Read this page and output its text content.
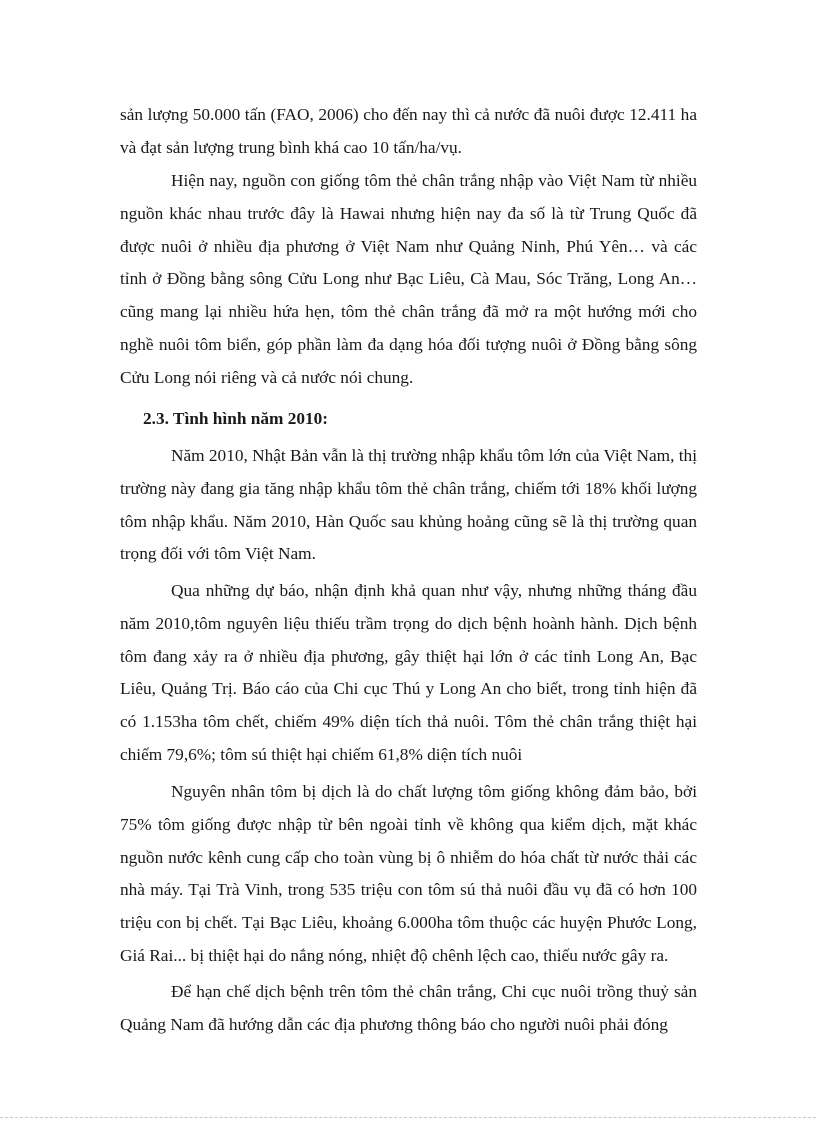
sản lượng 50.000 tấn (FAO, 2006) cho đến nay thì cả nước đã nuôi được 12.411 ha và đạt sản lượng trung bình khá cao 10 tấn/ha/vụ.

Hiện nay, nguồn con giống tôm thẻ chân trắng nhập vào Việt Nam từ nhiều nguồn khác nhau trước đây là Hawai nhưng hiện nay đa số là từ Trung Quốc đã được nuôi ở nhiều địa phương ở Việt Nam như Quảng Ninh, Phú Yên… và các tỉnh ở Đồng bằng sông Cửu Long như Bạc Liêu, Cà Mau, Sóc Trăng, Long An… cũng mang lại nhiều hứa hẹn, tôm thẻ chân trắng đã mở ra một hướng mới cho nghề nuôi tôm biển, góp phần làm đa dạng hóa đối tượng nuôi ở Đồng bằng sông Cửu Long nói riêng và cả nước nói chung.

2.3. Tình hình năm 2010:

Năm 2010, Nhật Bản vẫn là thị trường nhập khẩu tôm lớn của Việt Nam, thị trường này đang gia tăng nhập khẩu tôm thẻ chân trắng, chiếm tới 18% khối lượng tôm nhập khẩu. Năm 2010, Hàn Quốc sau khủng hoảng cũng sẽ là thị trường quan trọng đối với tôm Việt Nam.

Qua những dự báo, nhận định khả quan như vậy, nhưng những tháng đầu năm 2010,tôm nguyên liệu thiếu trầm trọng do dịch bệnh hoành hành. Dịch bệnh tôm đang xảy ra ở nhiều địa phương, gây thiệt hại lớn ở các tỉnh Long An, Bạc Liêu, Quảng Trị. Báo cáo của Chi cục Thú y Long An cho biết, trong tỉnh hiện đã có 1.153ha tôm chết, chiếm 49% diện tích thả nuôi. Tôm thẻ chân trắng thiệt hại chiếm 79,6%; tôm sú thiệt hại chiếm 61,8% diện tích nuôi

Nguyên nhân tôm bị dịch là do chất lượng tôm giống không đảm bảo, bởi 75% tôm giống được nhập từ bên ngoài tỉnh về không qua kiểm dịch, mặt khác nguồn nước kênh cung cấp cho toàn vùng bị ô nhiễm do hóa chất từ nước thải các nhà máy. Tại Trà Vinh, trong 535 triệu con tôm sú thả nuôi đầu vụ đã có hơn 100 triệu con bị chết. Tại Bạc Liêu, khoảng 6.000ha tôm thuộc các huyện Phước Long, Giá Rai... bị thiệt hại do nắng nóng, nhiệt độ chênh lệch cao, thiếu nước gây ra.

Để hạn chế dịch bệnh trên tôm thẻ chân trắng, Chi cục nuôi trồng thuỷ sản Quảng Nam đã hướng dẫn các địa phương thông báo cho người nuôi phải đóng
